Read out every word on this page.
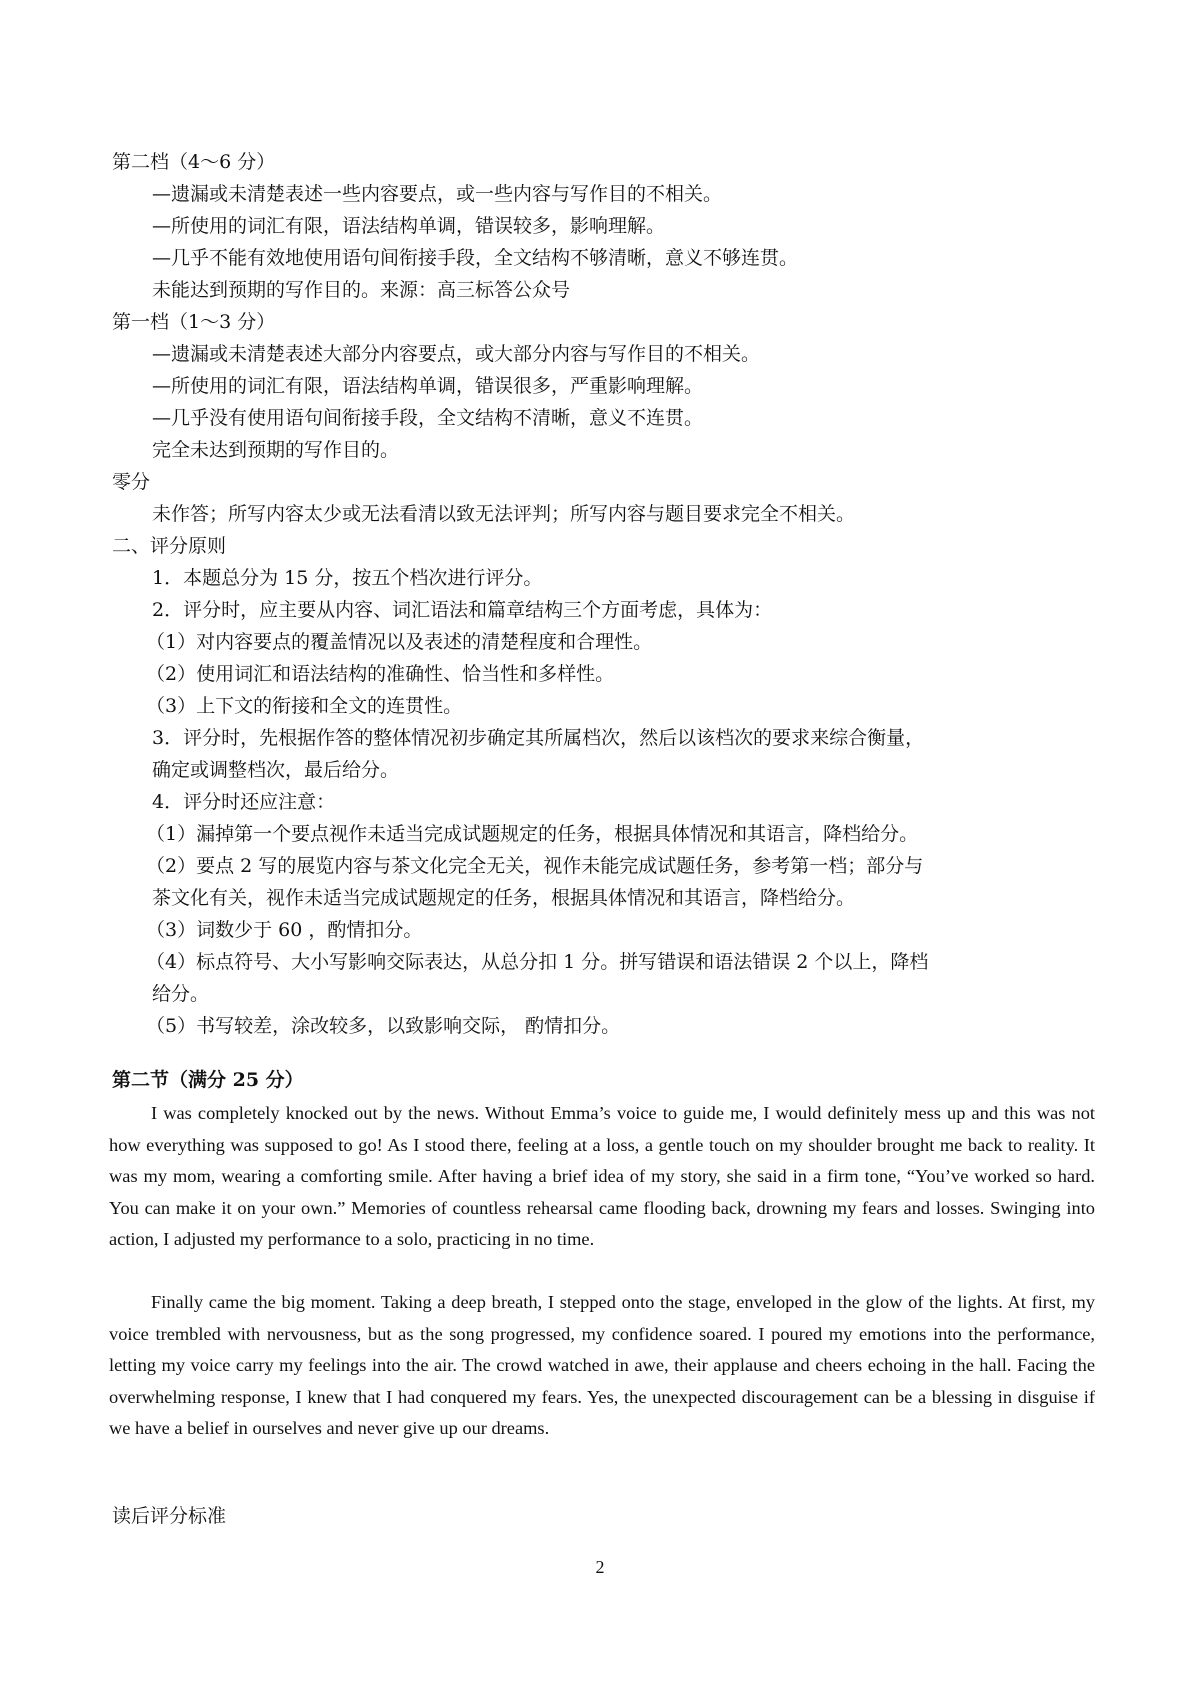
第二档（4～6 分）
—遗漏或未清楚表述一些内容要点，或一些内容与写作目的不相关。
—所使用的词汇有限，语法结构单调，错误较多，影响理解。
—几乎不能有效地使用语句间衔接手段，全文结构不够清晰，意义不够连贯。
未能达到预期的写作目的。来源：高三标答公众号
第一档（1～3 分）
—遗漏或未清楚表述大部分内容要点，或大部分内容与写作目的不相关。
—所使用的词汇有限，语法结构单调，错误很多，严重影响理解。
—几乎没有使用语句间衔接手段，全文结构不清晰，意义不连贯。
完全未达到预期的写作目的。
零分
未作答；所写内容太少或无法看清以致无法评判；所写内容与题目要求完全不相关。
二、评分原则
1．本题总分为 15 分，按五个档次进行评分。
2．评分时，应主要从内容、词汇语法和篇章结构三个方面考虑，具体为：
（1）对内容要点的覆盖情况以及表述的清楚程度和合理性。
（2）使用词汇和语法结构的准确性、恰当性和多样性。
（3）上下文的衔接和全文的连贯性。
3．评分时，先根据作答的整体情况初步确定其所属档次，然后以该档次的要求来综合衡量，
确定或调整档次，最后给分。
4．评分时还应注意：
（1）漏掉第一个要点视作未适当完成试题规定的任务，根据具体情况和其语言，降档给分。
（2）要点 2 写的展览内容与茶文化完全无关，视作未能完成试题任务，参考第一档；部分与
茶文化有关，视作未适当完成试题规定的任务，根据具体情况和其语言，降档给分。
（3）词数少于 60 ，酌情扣分。
（4）标点符号、大小写影响交际表达，从总分扣 1 分。拼写错误和语法错误 2 个以上，降档
给分。
（5）书写较差，涂改较多，以致影响交际， 酌情扣分。
第二节（满分 25 分）

I was completely knocked out by the news. Without Emma’s voice to guide me, I would definitely mess up and this was not how everything was supposed to go! As I stood there, feeling at a loss, a gentle touch on my shoulder brought me back to reality. It was my mom, wearing a comforting smile. After having a brief idea of my story, she said in a firm tone, “You’ve worked so hard. You can make it on your own.” Memories of countless rehearsal came flooding back, drowning my fears and losses. Swinging into action, I adjusted my performance to a solo, practicing in no time.

Finally came the big moment. Taking a deep breath, I stepped onto the stage, enveloped in the glow of the lights. At first, my voice trembled with nervousness, but as the song progressed, my confidence soared. I poured my emotions into the performance, letting my voice carry my feelings into the air. The crowd watched in awe, their applause and cheers echoing in the hall. Facing the overwhelming response, I knew that I had conquered my fears. Yes, the unexpected discouragement can be a blessing in disguise if we have a belief in ourselves and never give up our dreams.

读后评分标准
2
